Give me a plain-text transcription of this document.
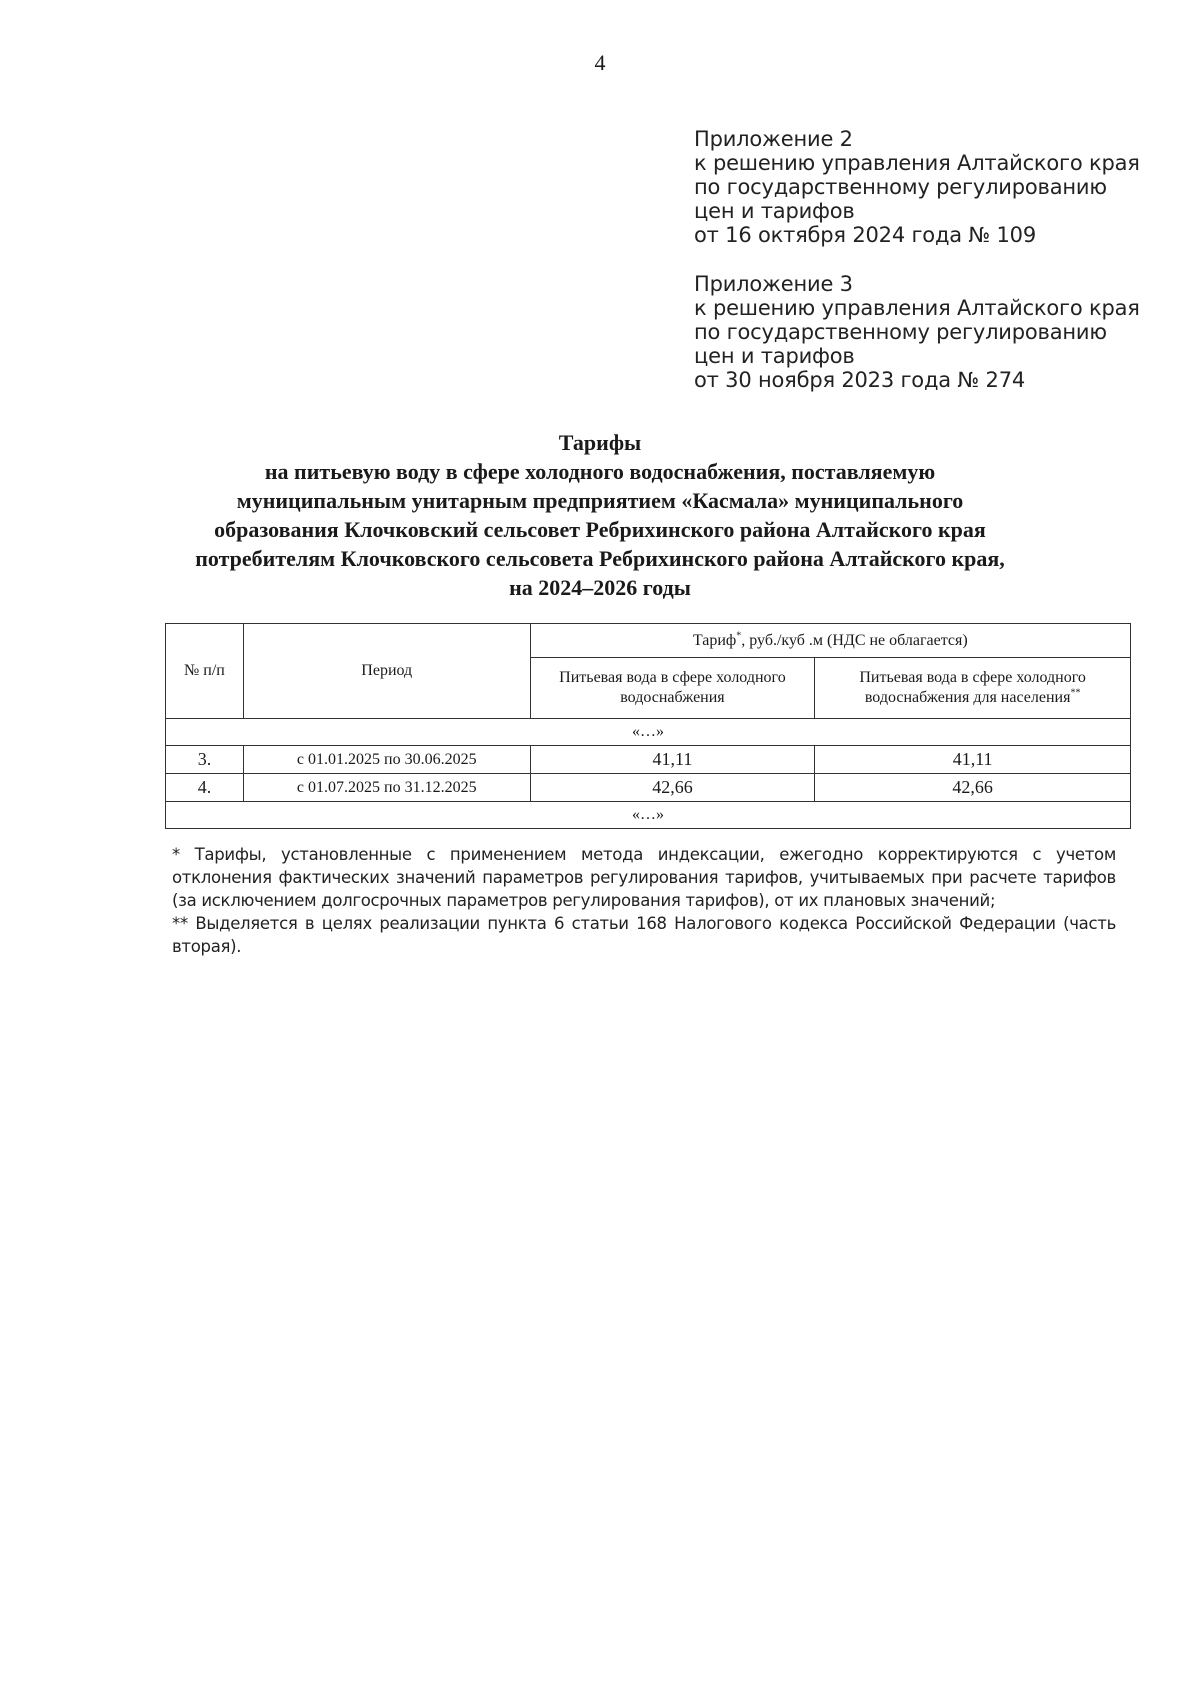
4
Приложение 2
к решению управления Алтайского края
по государственному регулированию
цен и тарифов
от 16 октября 2024 года № 109
Приложение 3
к решению управления Алтайского края
по государственному регулированию
цен и тарифов
от 30 ноября 2023 года № 274
Тарифы
на питьевую воду в сфере холодного водоснабжения, поставляемую
муниципальным унитарным предприятием «Касмала» муниципального
образования Клочковский сельсовет Ребрихинского района Алтайского края
потребителям Клочковского сельсовета Ребрихинского района Алтайского края,
на 2024–2026 годы
№ п/п	Период	Тариф*, руб./куб .м (НДС не облагается)	
		Питьевая вода в сфере холодного водоснабжения	Питьевая вода в сфере холодного водоснабжения для населения**
«…»			
3.	с 01.01.2025 по 30.06.2025	41,11	41,11
4.	с 01.07.2025 по 31.12.2025	42,66	42,66
«…»			

* Тарифы, установленные с применением метода индексации, ежегодно корректируются с учетом отклонения фактических значений параметров регулирования тарифов, учитываемых при расчете тарифов (за исключением долгосрочных параметров регулирования тарифов), от их плановых значений;

** Выделяется в целях реализации пункта 6 статьи 168 Налогового кодекса Российской Федерации (часть вторая).
